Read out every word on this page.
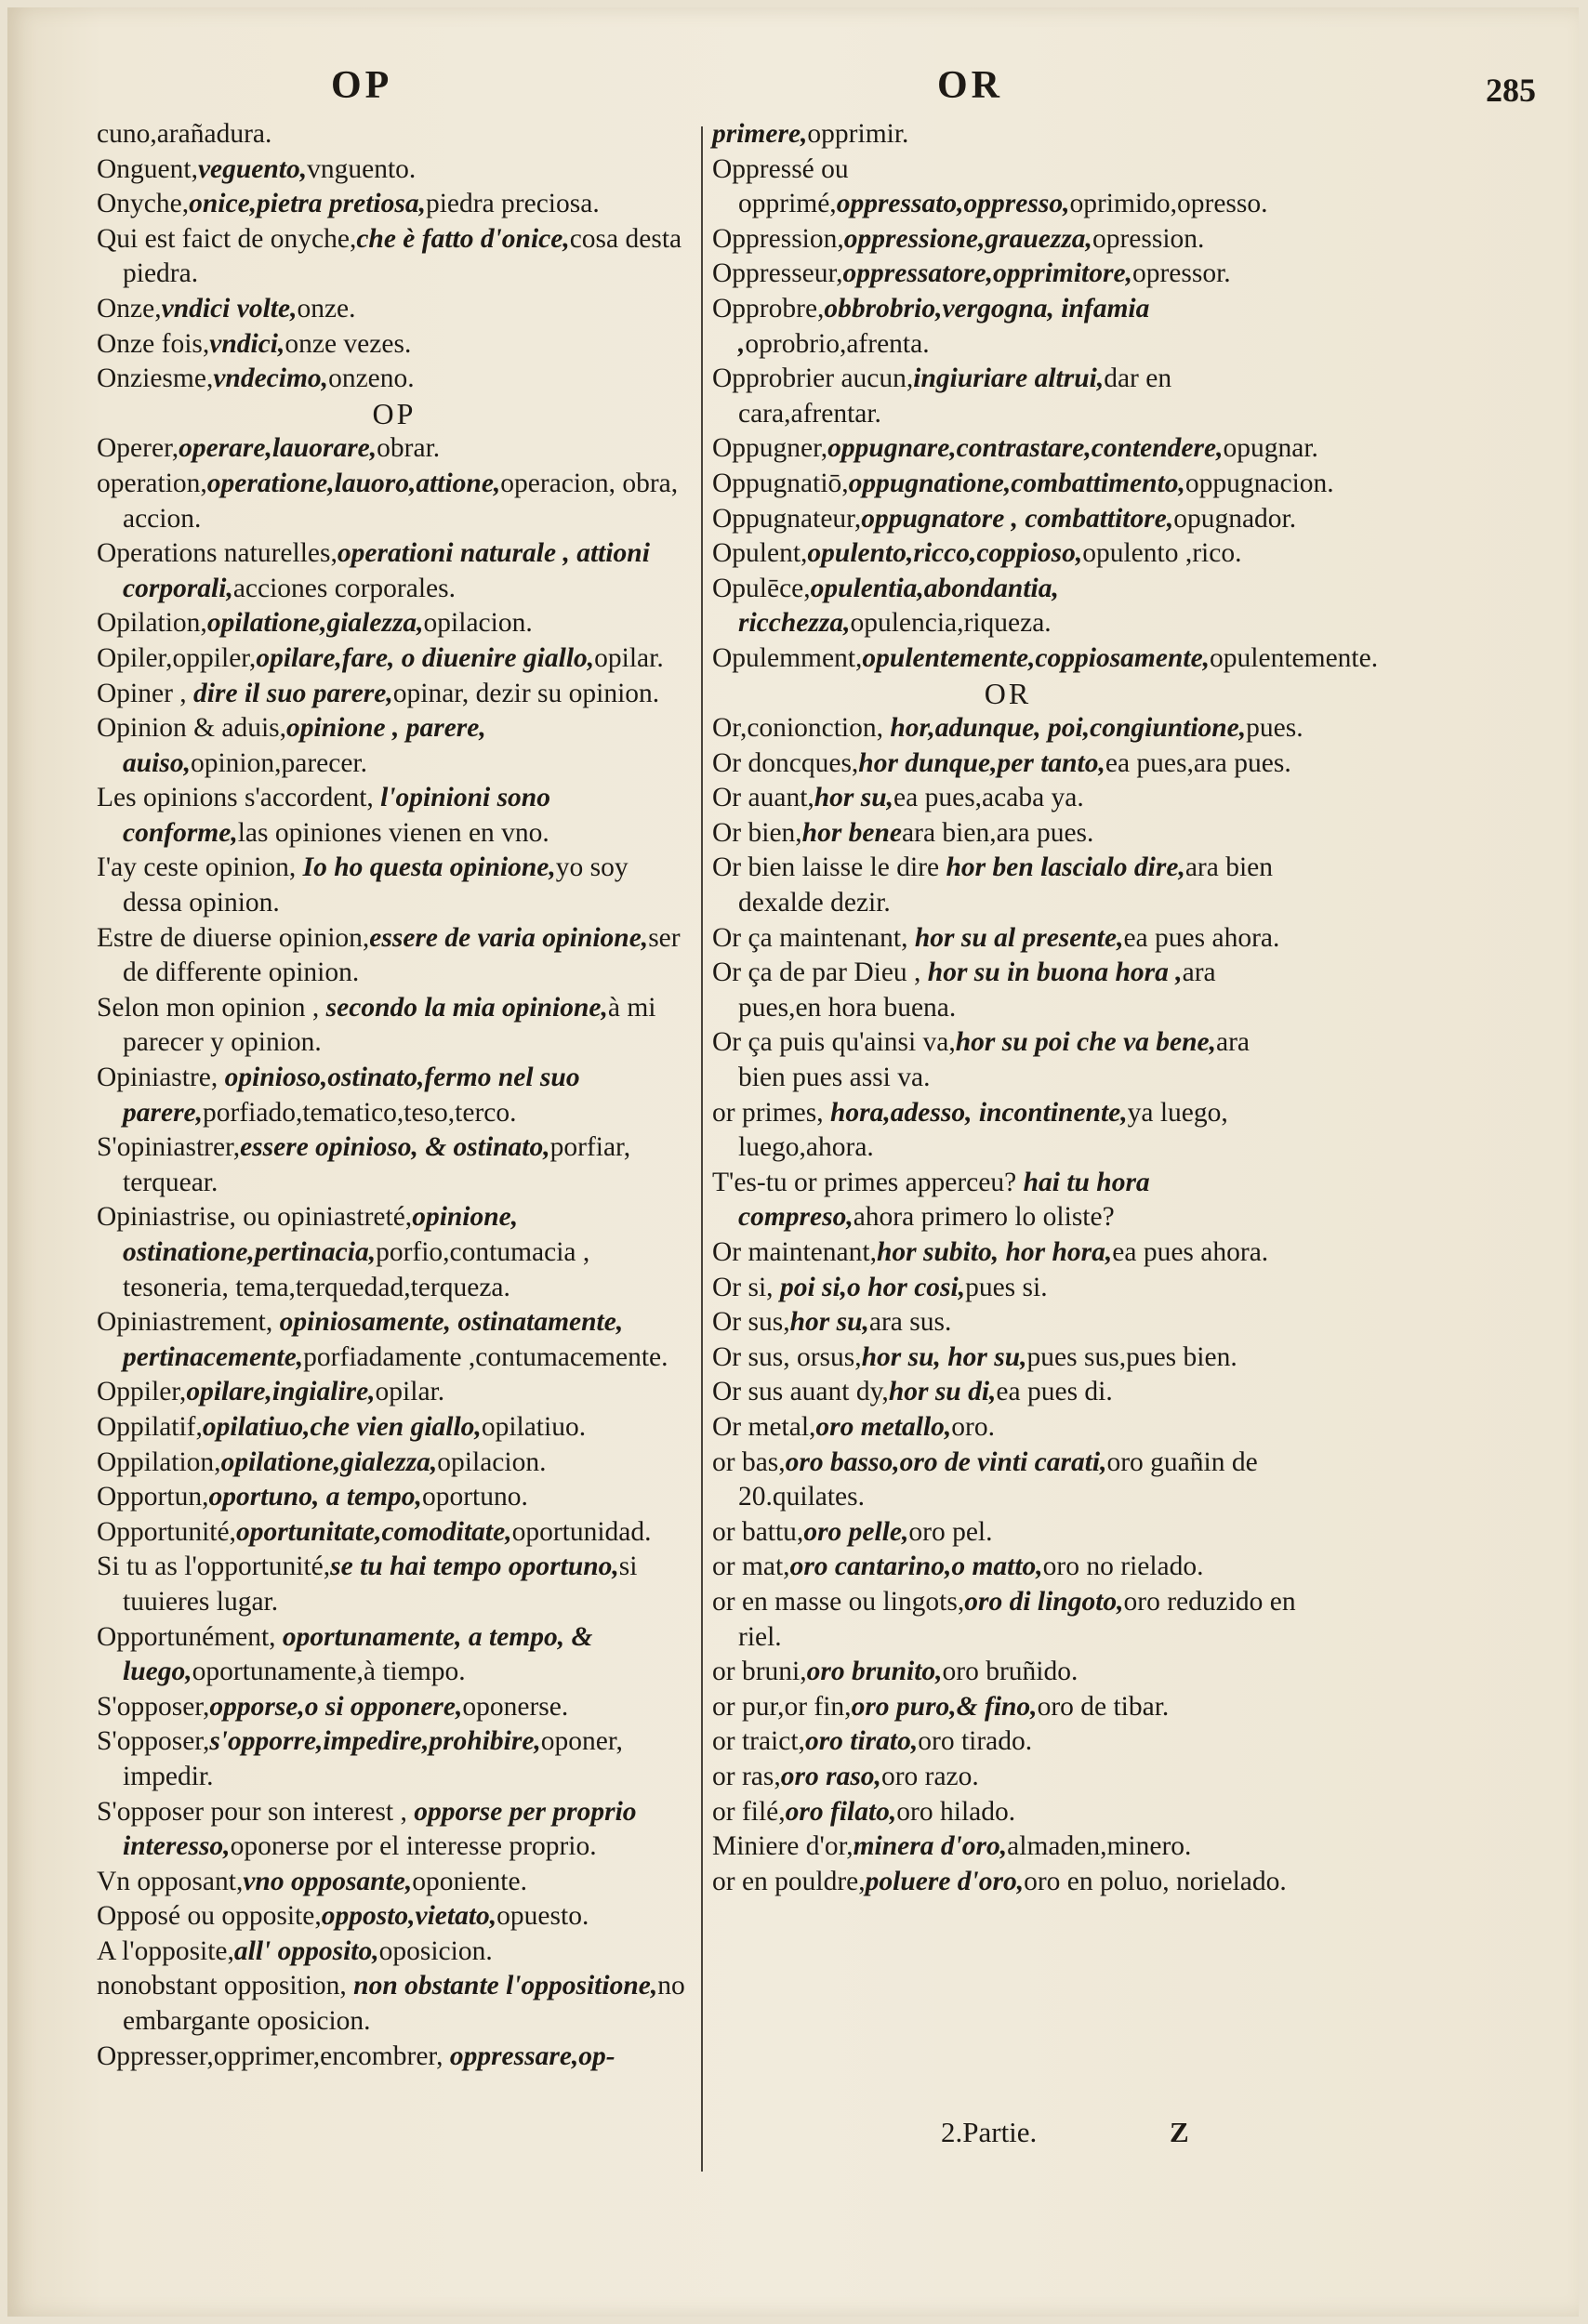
OP	OR	285

cuno,arañadura.

Onguent,veguento,vnguento.

Onyche,onice,pietra pretiosa,piedra preciosa.

Qui est faict de onyche,che è fatto d'onice,cosa desta piedra.

Onze,vndici volte,onze.

Onze fois,vndici,onze vezes.

Onziesme,vndecimo,onzeno.

OP

Operer,operare,lauorare,obrar.

operation,operatione,lauoro,attione,operacion, obra, accion.

Operations naturelles,operationi naturale , attioni corporali,acciones corporales.

Opilation,opilatione,gialezza,opilacion.

Opiler,oppiler,opilare,fare, o diuenire giallo,opilar.

Opiner , dire il suo parere,opinar, dezir su opinion.

Opinion & aduis,opinione , parere, auiso,opinion,parecer.

Les opinions s'accordent, l'opinioni sono conforme,las opiniones vienen en vno.

I'ay ceste opinion, Io ho questa opinione,yo soy dessa opinion.

Estre de diuerse opinion,essere de varia opinione,ser de differente opinion.

Selon mon opinion , secondo la mia opinione,à mi parecer y opinion.

Opiniastre, opinioso,ostinato,fermo nel suo parere,porfiado,tematico,teso,terco.

S'opiniastrer,essere opinioso, & ostinato,porfiar, terquear.

Opiniastrise, ou opiniastreté,opinione, ostinatione,pertinacia,porfio,contumacia , tesoneria, tema,terquedad,terqueza.

Opiniastrement, opiniosamente, ostinatamente, pertinacemente,porfiadamente ,contumacemente.

Oppiler,opilare,ingialire,opilar.

Oppilatif,opilatiuo,che vien giallo,opilatiuo.

Oppilation,opilatione,gialezza,opilacion.

Opportun,oportuno, a tempo,oportuno.

Opportunité,oportunitate,comoditate,oportunidad.

Si tu as l'opportunité,se tu hai tempo oportuno,si tuuieres lugar.

Opportunément, oportunamente, a tempo, & luego,oportunamente,à tiempo.

S'opposer,opporse,o si opponere,oponerse.

S'opposer,s'opporre,impedire,prohibire,oponer, impedir.

S'opposer pour son interest , opporse per proprio interesso,oponerse por el interesse proprio.

Vn opposant,vno opposante,oponiente.

Opposé ou opposite,opposto,vietato,opuesto.

A l'opposite,all' opposito,oposicion.

nonobstant opposition, non obstante l'oppositione,no embargante oposicion.

Oppresser,opprimer,encombrer, oppressare,op-

primere,opprimir.

Oppressé ou opprimé,oppressato,oppresso,oprimido,opresso.

Oppression,oppressione,grauezza,opression.

Oppresseur,oppressatore,opprimitore,opressor.

Opprobre,obbrobrio,vergogna, infamia ,oprobrio,afrenta.

Opprobrier aucun,ingiuriare altrui,dar en cara,afrentar.

Oppugner,oppugnare,contrastare,contendere,opugnar.

Oppugnatiō,oppugnatione,combattimento,oppugnacion.

Oppugnateur,oppugnatore , combattitore,opugnador.

Opulent,opulento,ricco,coppioso,opulento ,rico.

Opulēce,opulentia,abondantia, ricchezza,opulencia,riqueza.

Opulemment,opulentemente,coppiosamente,opulentemente.

OR

Or,conionction, hor,adunque, poi,congiuntione,pues.

Or doncques,hor dunque,per tanto,ea pues,ara pues.

Or auant,hor su,ea pues,acaba ya.

Or bien,hor beneara bien,ara pues.

Or bien laisse le dire hor ben lascialo dire,ara bien dexalde dezir.

Or ça maintenant, hor su al presente,ea pues ahora.

Or ça de par Dieu , hor su in buona hora ,ara pues,en hora buena.

Or ça puis qu'ainsi va,hor su poi che va bene,ara bien pues assi va.

or primes, hora,adesso, incontinente,ya luego, luego,ahora.

T'es-tu or primes apperceu? hai tu hora compreso,ahora primero lo oliste?

Or maintenant,hor subito, hor hora,ea pues ahora.

Or si, poi si,o hor cosi,pues si.

Or sus,hor su,ara sus.

Or sus, orsus,hor su, hor su,pues sus,pues bien.

Or sus auant dy,hor su di,ea pues di.

Or metal,oro metallo,oro.

or bas,oro basso,oro de vinti carati,oro guañin de 20.quilates.

or battu,oro pelle,oro pel.

or mat,oro cantarino,o matto,oro no rielado.

or en masse ou lingots,oro di lingoto,oro reduzido en riel.

or bruni,oro brunito,oro bruñido.

or pur,or fin,oro puro,& fino,oro de tibar.

or traict,oro tirato,oro tirado.

or ras,oro raso,oro razo.

or filé,oro filato,oro hilado.

Miniere d'or,minera d'oro,almaden,minero.

or en pouldre,poluere d'oro,oro en poluo, norielado.

2.Partie.	Z
